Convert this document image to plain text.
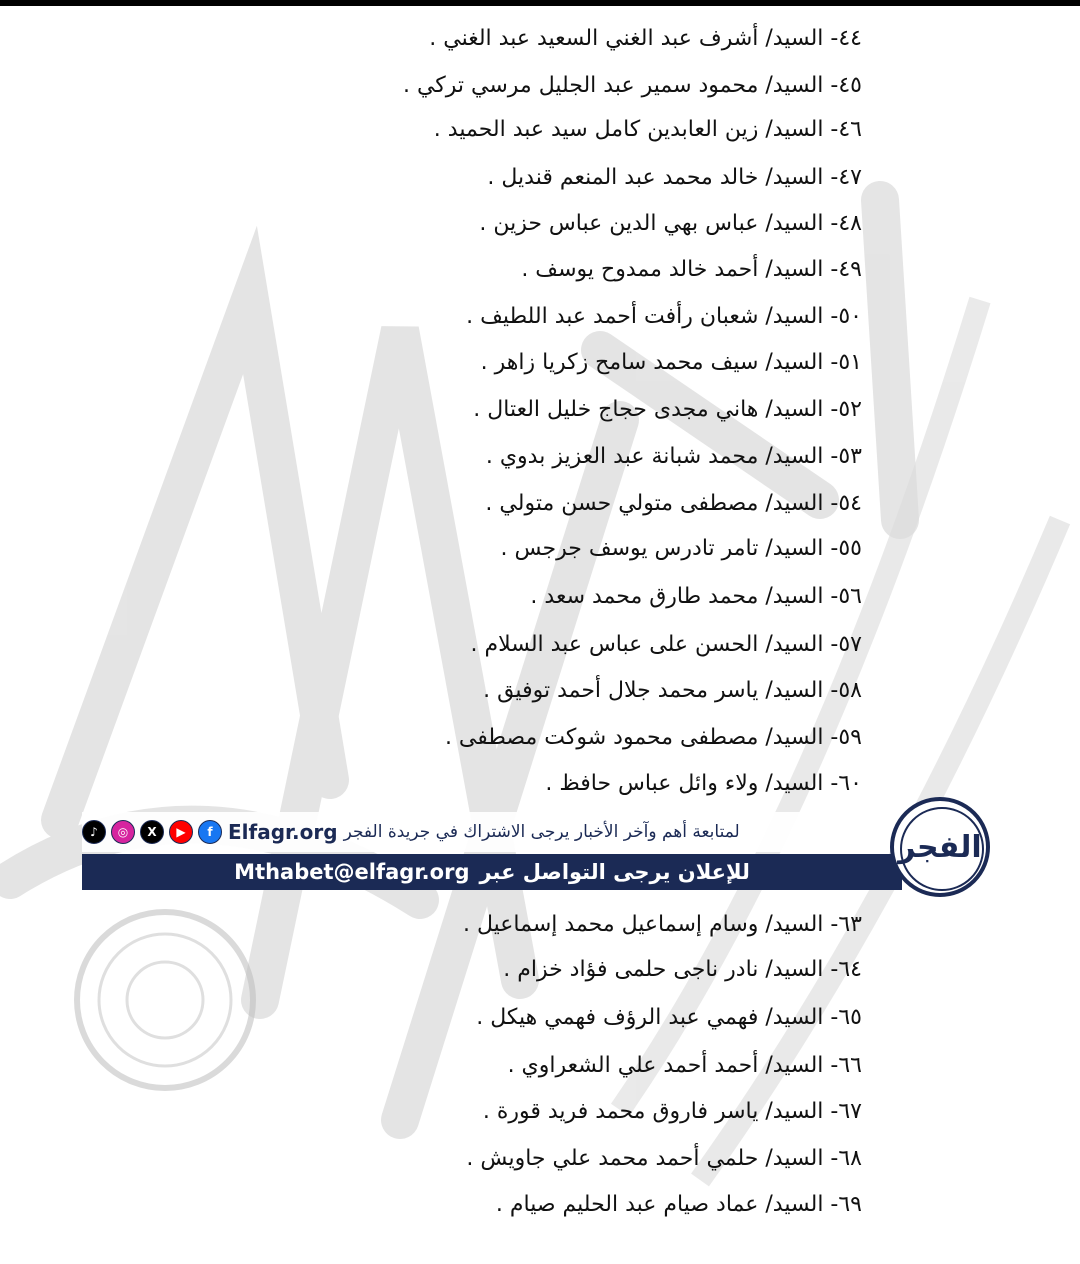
٤٤- السيد/ أشرف عبد الغني السعيد عبد الغني .
٤٥- السيد/ محمود سمير عبد الجليل مرسي تركي .
٤٦- السيد/ زين العابدين كامل سيد عبد الحميد .
٤٧- السيد/ خالد محمد عبد المنعم قنديل .
٤٨- السيد/ عباس بهي الدين عباس حزين .
٤٩- السيد/ أحمد خالد ممدوح يوسف .
٥٠- السيد/ شعبان رأفت أحمد عبد اللطيف .
٥١- السيد/ سيف محمد سامح زكريا زاهر .
٥٢- السيد/ هاني مجدى حجاج خليل العتال .
٥٣- السيد/ محمد شبانة عبد العزيز بدوي .
٥٤- السيد/ مصطفى متولي حسن متولي .
٥٥- السيد/ تامر تادرس يوسف جرجس .
٥٦- السيد/ محمد طارق محمد سعد .
٥٧- السيد/ الحسن على عباس عبد السلام .
٥٨- السيد/ ياسر محمد جلال أحمد توفيق .
٥٩- السيد/ مصطفى محمود شوكت مصطفى .
٦٠- السيد/ ولاء وائل عباس حافظ .
٦٣- السيد/ وسام إسماعيل محمد إسماعيل .
٦٤- السيد/ نادر ناجى حلمى فؤاد خزام .
٦٥- السيد/ فهمي عبد الرؤف فهمي هيكل .
٦٦- السيد/ أحمد أحمد علي الشعراوي .
٦٧- السيد/ ياسر فاروق محمد فريد قورة .
٦٨- السيد/ حلمي أحمد محمد علي جاويش .
٦٩- السيد/ عماد صيام عبد الحليم صيام .
لمتابعة أهم وآخر الأخبار يرجى الاشتراك في جريدة الفجر
Elfagr.org
♪	◎	X	▶	f
للإعلان يرجى التواصل عبر
Mthabet@elfagr.org
الفجر
